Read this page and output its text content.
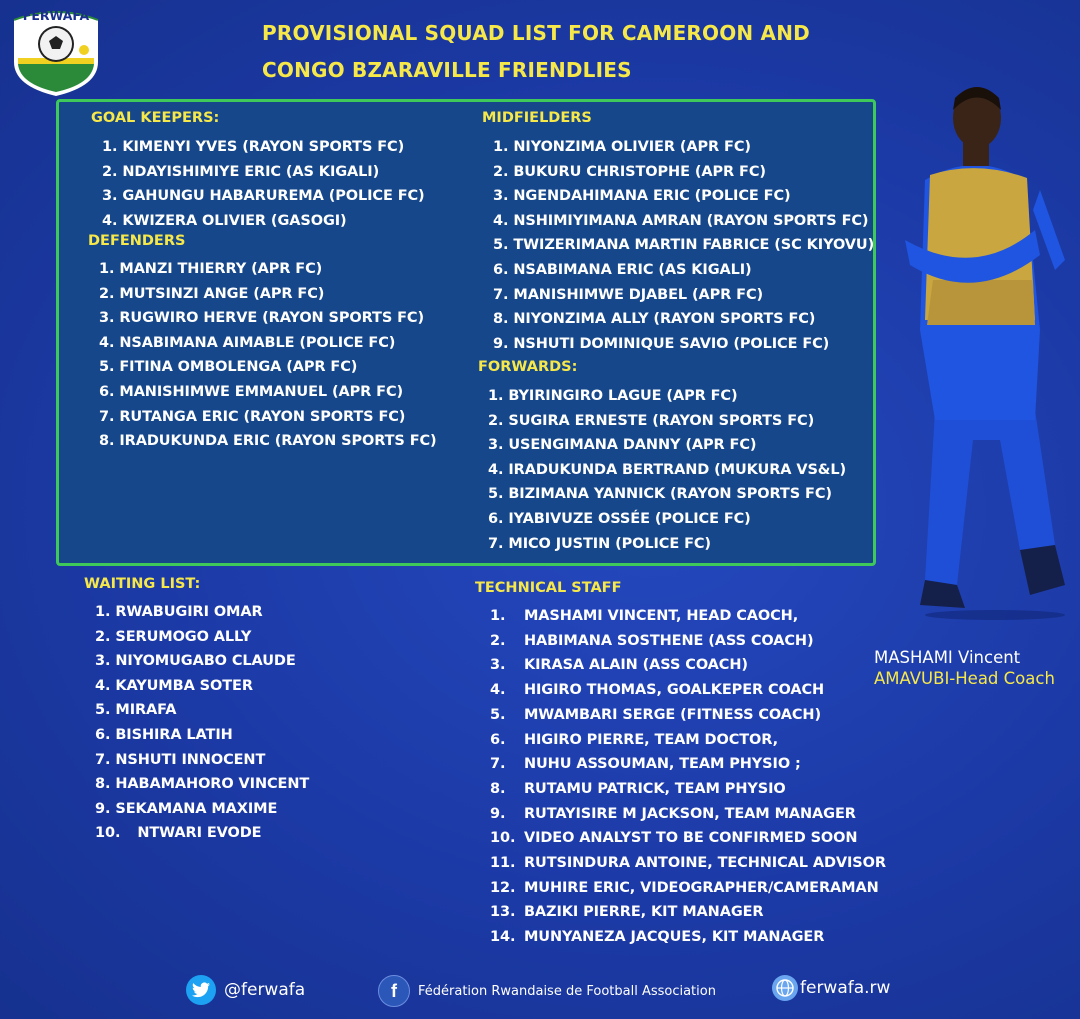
FERWAFA
PROVISIONAL SQUAD LIST FOR CAMEROON AND
CONGO BZARAVILLE FRIENDLIES
GOAL KEEPERS:
1. KIMENYI YVES (RAYON SPORTS FC)
2. NDAYISHIMIYE ERIC (AS KIGALI)
3. GAHUNGU HABARUREMA (POLICE FC)
4. KWIZERA OLIVIER (GASOGI)
DEFENDERS
1. MANZI THIERRY (APR FC)
2. MUTSINZI ANGE (APR FC)
3. RUGWIRO HERVE (RAYON SPORTS FC)
4. NSABIMANA AIMABLE (POLICE FC)
5. FITINA OMBOLENGA (APR FC)
6. MANISHIMWE EMMANUEL (APR FC)
7. RUTANGA ERIC (RAYON SPORTS FC)
8. IRADUKUNDA ERIC (RAYON SPORTS FC)
MIDFIELDERS
1. NIYONZIMA OLIVIER (APR FC)
2. BUKURU CHRISTOPHE (APR FC)
3. NGENDAHIMANA ERIC (POLICE FC)
4. NSHIMIYIMANA AMRAN (RAYON SPORTS FC)
5. TWIZERIMANA MARTIN FABRICE (SC KIYOVU)
6. NSABIMANA ERIC (AS KIGALI)
7. MANISHIMWE DJABEL (APR FC)
8. NIYONZIMA ALLY (RAYON SPORTS FC)
9. NSHUTI DOMINIQUE SAVIO (POLICE FC)
FORWARDS:
1. BYIRINGIRO LAGUE (APR FC)
2. SUGIRA ERNESTE (RAYON SPORTS FC)
3. USENGIMANA DANNY (APR FC)
4. IRADUKUNDA BERTRAND (MUKURA VS&L)
5. BIZIMANA YANNICK (RAYON SPORTS FC)
6. IYABIVUZE OSSÉE (POLICE FC)
7. MICO JUSTIN (POLICE FC)
WAITING LIST:
1. RWABUGIRI OMAR
2. SERUMOGO ALLY
3. NIYOMUGABO CLAUDE
4. KAYUMBA SOTER
5. MIRAFA
6. BISHIRA LATIH
7. NSHUTI INNOCENT
8. HABAMAHORO VINCENT
9. SEKAMANA MAXIME
10. NTWARI EVODE
TECHNICAL STAFF
1. MASHAMI VINCENT, HEAD CAOCH,
2. HABIMANA SOSTHENE (ASS COACH)
3. KIRASA ALAIN (ASS COACH)
4. HIGIRO THOMAS, GOALKEPER COACH
5. MWAMBARI SERGE (FITNESS COACH)
6. HIGIRO PIERRE, TEAM DOCTOR,
7. NUHU ASSOUMAN, TEAM PHYSIO ;
8. RUTAMU PATRICK, TEAM PHYSIO
9. RUTAYISIRE M JACKSON, TEAM MANAGER
10. VIDEO ANALYST TO BE CONFIRMED SOON
11. RUTSINDURA ANTOINE, TECHNICAL ADVISOR
12. MUHIRE ERIC, VIDEOGRAPHER/CAMERAMAN
13. BAZIKI PIERRE, KIT MANAGER
14. MUNYANEZA JACQUES, KIT MANAGER
MASHAMI Vincent
AMAVUBI-Head Coach
@ferwafa	f Fédération Rwandaise de Football Association	ferwafa.rw
